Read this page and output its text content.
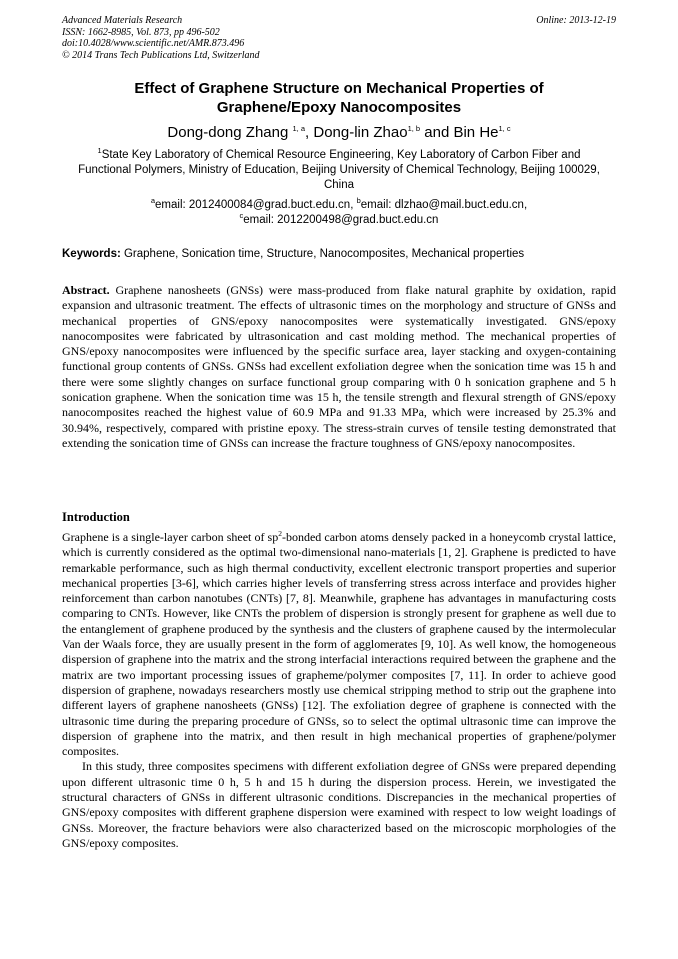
Advanced Materials Research
ISSN: 1662-8985, Vol. 873, pp 496-502
doi:10.4028/www.scientific.net/AMR.873.496
© 2014 Trans Tech Publications Ltd, Switzerland
Online: 2013-12-19
Effect of Graphene Structure on Mechanical Properties of
Graphene/Epoxy Nanocomposites
Dong-dong Zhang $^{1, a}$, Dong-lin Zhao$^{1, b}$ and Bin He$^{1, c}$
$^1$State Key Laboratory of Chemical Resource Engineering, Key Laboratory of Carbon Fiber and Functional Polymers, Ministry of Education, Beijing University of Chemical Technology, Beijing 100029, China
$^a$email: 2012400084@grad.buct.edu.cn, $^b$email: dlzhao@mail.buct.edu.cn,
$^c$email: 2012200498@grad.buct.edu.cn
Keywords: Graphene, Sonication time, Structure, Nanocomposites, Mechanical properties
Abstract. Graphene nanosheets (GNSs) were mass-produced from flake natural graphite by oxidation, rapid expansion and ultrasonic treatment. The effects of ultrasonic times on the morphology and structure of GNSs and mechanical properties of GNS/epoxy nanocomposites were systematically investigated. GNS/epoxy nanocomposites were fabricated by ultrasonication and cast molding method. The mechanical properties of GNS/epoxy nanocomposites were influenced by the specific surface area, layer stacking and oxygen-containing functional group contents of GNSs. GNSs had excellent exfoliation degree when the sonication time was 15 h and there were some slightly changes on surface functional group comparing with 0 h sonication graphene and 5 h sonication graphene. When the sonication time was 15 h, the tensile strength and flexural strength of GNS/epoxy nanocomposites reached the highest value of 60.9 MPa and 91.33 MPa, which were increased by 25.3% and 30.94%, respectively, compared with pristine epoxy. The stress-strain curves of tensile testing demonstrated that extending the sonication time of GNSs can increase the fracture toughness of GNS/epoxy nanocomposites.
Introduction

Graphene is a single-layer carbon sheet of $sp^2$-bonded carbon atoms densely packed in a honeycomb crystal lattice, which is currently considered as the optimal two-dimensional nano-materials [1, 2]. Graphene is predicted to have remarkable performance, such as high thermal conductivity, excellent electronic transport properties and superior mechanical properties [3-6], which carries higher levels of transferring stress across interface and provides higher reinforcement than carbon nanotubes (CNTs) [7, 8]. Meanwhile, graphene has advantages in manufacturing costs comparing to CNTs. However, like CNTs the problem of dispersion is strongly present for graphene as well due to the entanglement of graphene produced by the synthesis and the clusters of graphene caused by the intermolecular Van der Waals force, they are usually present in the form of agglomerates [9, 10]. As well know, the homogeneous dispersion of graphene into the matrix and the strong interfacial interactions required between the graphene and the matrix are two important processing issues of grapheme/polymer composites [7, 11]. In order to achieve good dispersion of graphene, nowadays researchers mostly use chemical stripping method to strip out the graphene into different layers of graphene nanosheets (GNSs) [12]. The exfoliation degree of graphene is connected with the ultrasonic time during the preparing procedure of GNSs, so to select the optimal ultrasonic time can improve the dispersion of graphene into the matrix, and then result in high mechanical properties of graphene/polymer composites.

In this study, three composites specimens with different exfoliation degree of GNSs were prepared depending upon different ultrasonic time 0 h, 5 h and 15 h during the dispersion process. Herein, we investigated the structural characters of GNSs in different ultrasonic conditions. Discrepancies in the mechanical properties of GNS/epoxy composites with different graphene dispersion were examined with respect to low weight loadings of GNSs. Moreover, the fracture behaviors were also characterized based on the microscopic morphologies of the GNS/epoxy composites.
